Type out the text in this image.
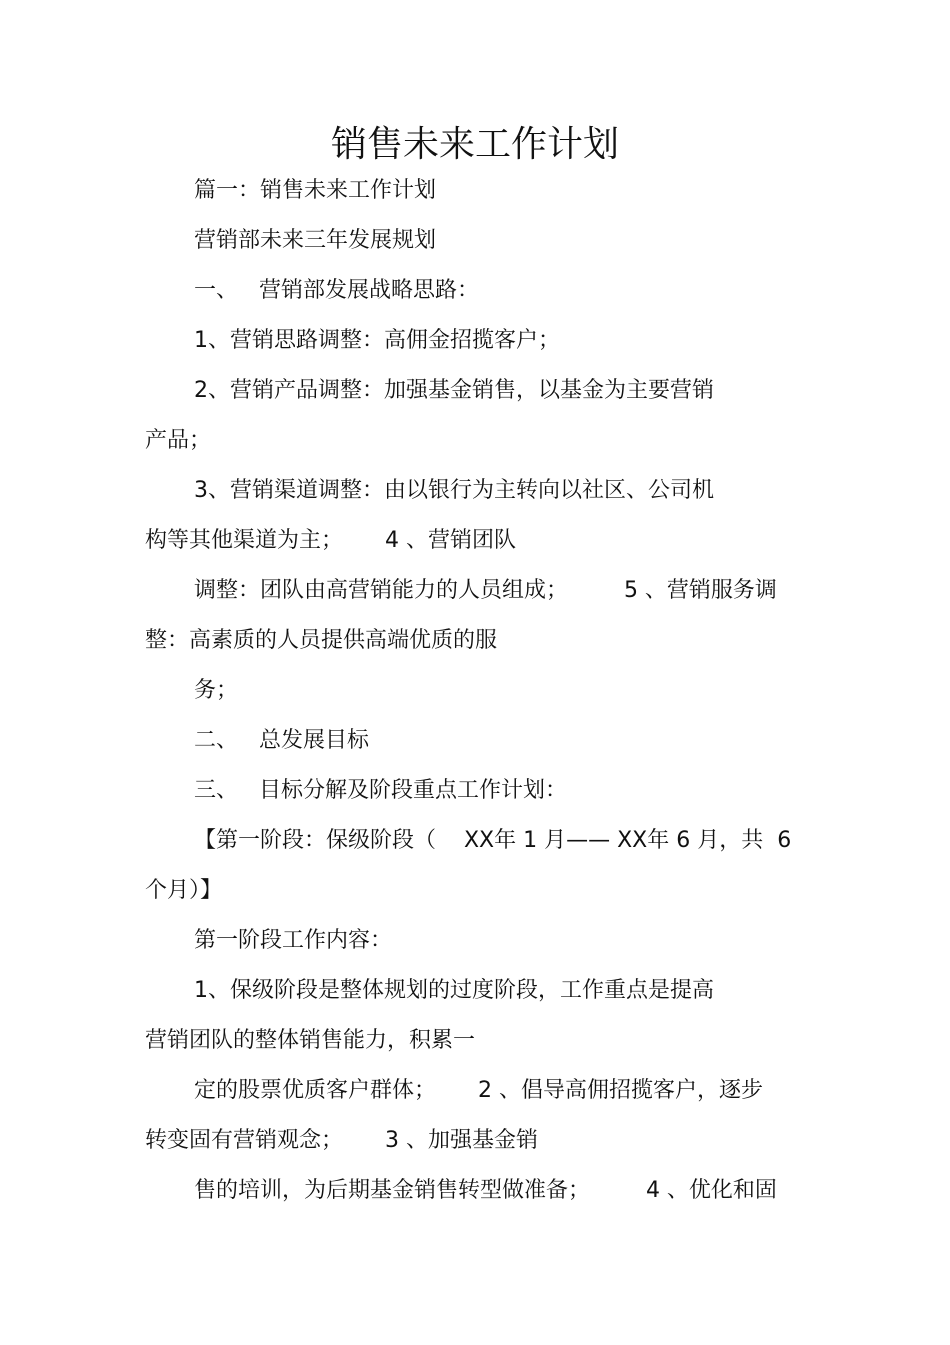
销售未来工作计划
篇一：销售未来工作计划
营销部未来三年发展规划
一、   营销部发展战略思路：
1、营销思路调整：高佣金招揽客户；
2、营销产品调整：加强基金销售，以基金为主要营销
产品；
3、营销渠道调整：由以银行为主转向以社区、公司机
构等其他渠道为主；      4 、营销团队
调整：团队由高营销能力的人员组成；        5 、营销服务调
整：高素质的人员提供高端优质的服
务；
二、   总发展目标
三、   目标分解及阶段重点工作计划：
【第一阶段：保级阶段（    XX年 1 月—— XX年 6 月，共  6
个月）】
第一阶段工作内容：
1、保级阶段是整体规划的过度阶段，工作重点是提高
营销团队的整体销售能力，积累一
定的股票优质客户群体；      2 、倡导高佣招揽客户，逐步
转变固有营销观念；      3 、加强基金销
售的培训，为后期基金销售转型做准备；        4 、优化和固
